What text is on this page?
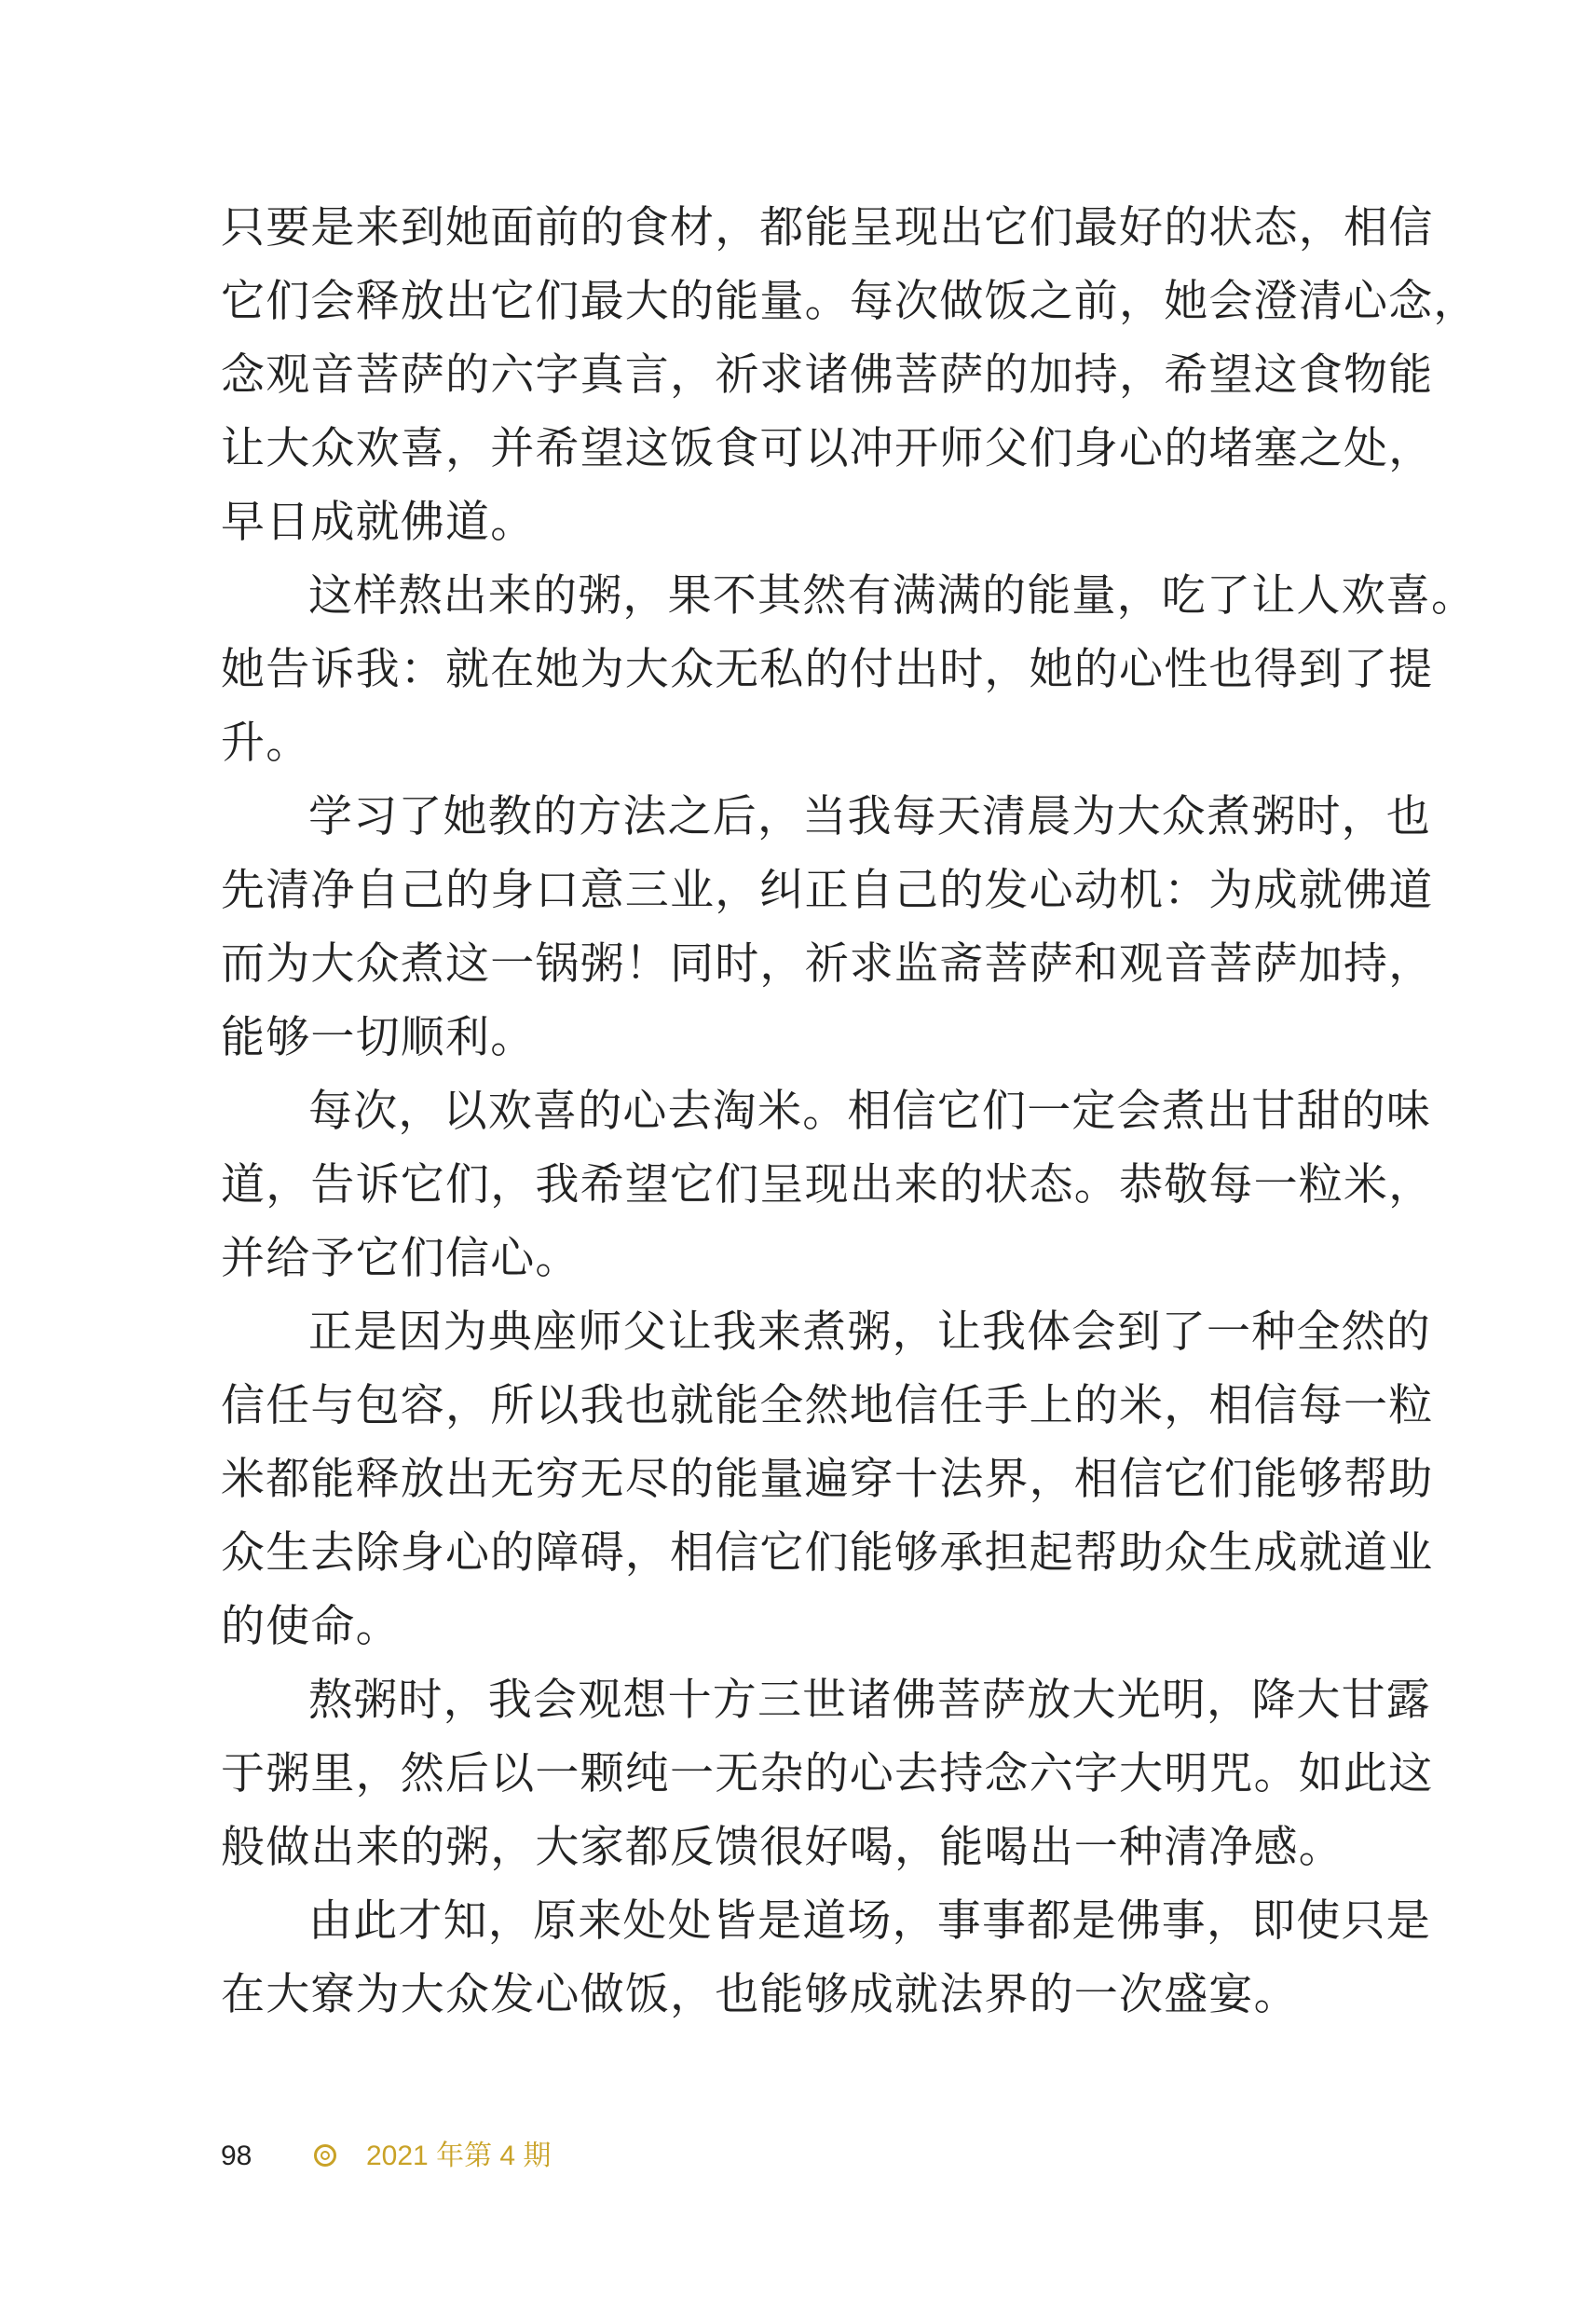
只要是来到她面前的食材，都能呈现出它们最好的状态，相信
它们会释放出它们最大的能量。每次做饭之前，她会澄清心念，
念观音菩萨的六字真言，祈求诸佛菩萨的加持，希望这食物能
让大众欢喜，并希望这饭食可以冲开师父们身心的堵塞之处，
早日成就佛道。
这样熬出来的粥，果不其然有满满的能量，吃了让人欢喜。
她告诉我：就在她为大众无私的付出时，她的心性也得到了提
升。
学习了她教的方法之后，当我每天清晨为大众煮粥时，也
先清净自己的身口意三业，纠正自己的发心动机：为成就佛道
而为大众煮这一锅粥！同时，祈求监斋菩萨和观音菩萨加持，
能够一切顺利。
每次，以欢喜的心去淘米。相信它们一定会煮出甘甜的味
道，告诉它们，我希望它们呈现出来的状态。恭敬每一粒米，
并给予它们信心。
正是因为典座师父让我来煮粥，让我体会到了一种全然的
信任与包容，所以我也就能全然地信任手上的米，相信每一粒
米都能释放出无穷无尽的能量遍穿十法界，相信它们能够帮助
众生去除身心的障碍，相信它们能够承担起帮助众生成就道业
的使命。
熬粥时，我会观想十方三世诸佛菩萨放大光明，降大甘露
于粥里，然后以一颗纯一无杂的心去持念六字大明咒。如此这
般做出来的粥，大家都反馈很好喝，能喝出一种清净感。
由此才知，原来处处皆是道场，事事都是佛事，即使只是
在大寮为大众发心做饭，也能够成就法界的一次盛宴。
98	2021 年第 4 期
